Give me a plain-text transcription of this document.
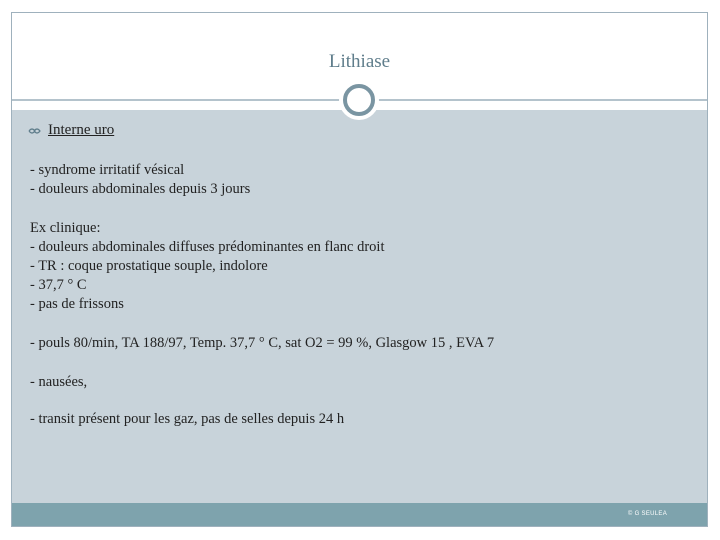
Lithiase
Interne uro
- syndrome irritatif vésical
- douleurs abdominales depuis 3 jours
Ex clinique:
- douleurs abdominales diffuses prédominantes en flanc droit
- TR : coque prostatique souple, indolore
- 37,7 ° C
- pas de frissons
- pouls 80/min, TA 188/97, Temp. 37,7 ° C, sat O2 = 99 %, Glasgow 15 , EVA 7
- nausées,
- transit présent pour les gaz, pas de selles depuis 24 h
© G SEULEA
